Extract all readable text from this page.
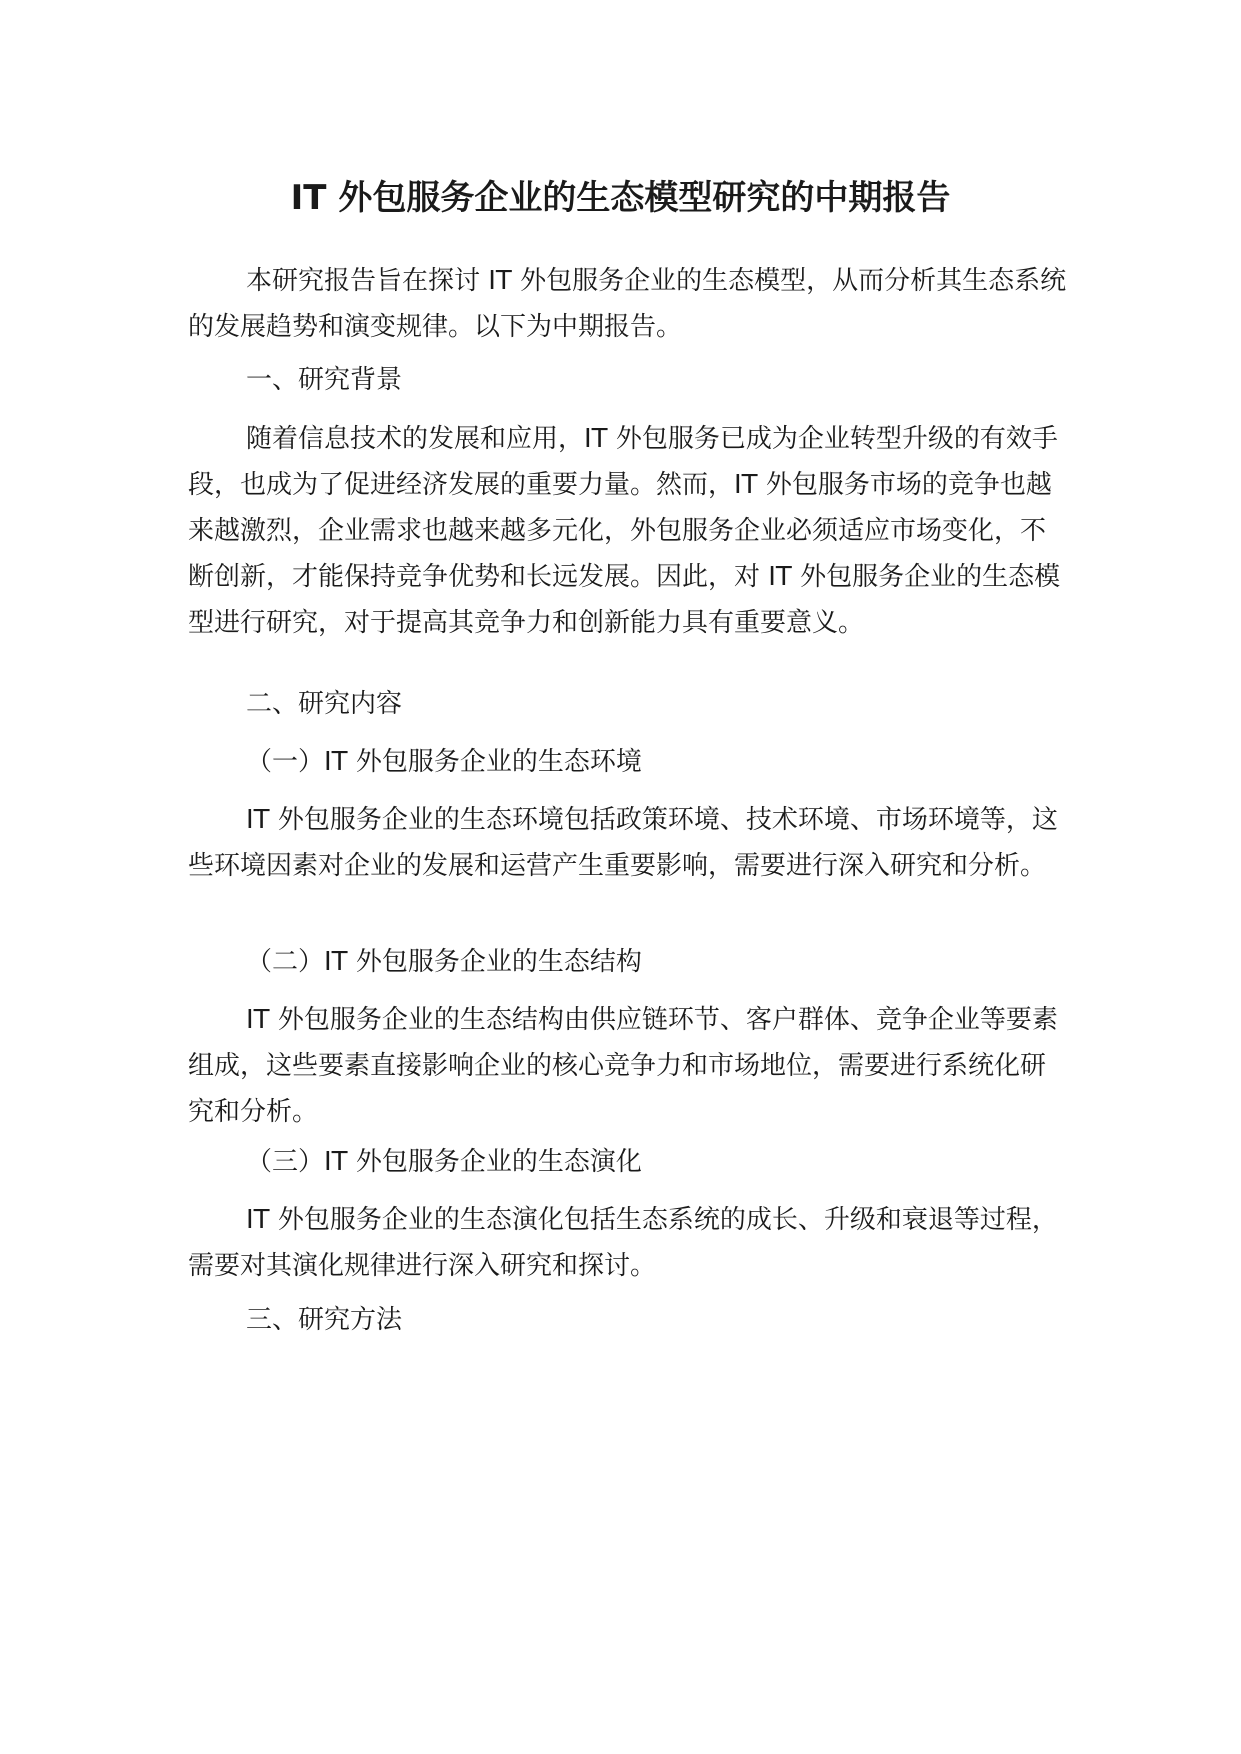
IT 外包服务企业的生态模型研究的中期报告

本研究报告旨在探讨 IT 外包服务企业的生态模型，从而分析其生态系统的发展趋势和演变规律。以下为中期报告。

一、研究背景

随着信息技术的发展和应用，IT 外包服务已成为企业转型升级的有效手段，也成为了促进经济发展的重要力量。然而，IT 外包服务市场的竞争也越来越激烈，企业需求也越来越多元化，外包服务企业必须适应市场变化，不断创新，才能保持竞争优势和长远发展。因此，对 IT 外包服务企业的生态模型进行研究，对于提高其竞争力和创新能力具有重要意义。

二、研究内容

（一）IT 外包服务企业的生态环境

IT 外包服务企业的生态环境包括政策环境、技术环境、市场环境等，这些环境因素对企业的发展和运营产生重要影响，需要进行深入研究和分析。

（二）IT 外包服务企业的生态结构

IT 外包服务企业的生态结构由供应链环节、客户群体、竞争企业等要素组成，这些要素直接影响企业的核心竞争力和市场地位，需要进行系统化研究和分析。

（三）IT 外包服务企业的生态演化

IT 外包服务企业的生态演化包括生态系统的成长、升级和衰退等过程，需要对其演化规律进行深入研究和探讨。

三、研究方法
